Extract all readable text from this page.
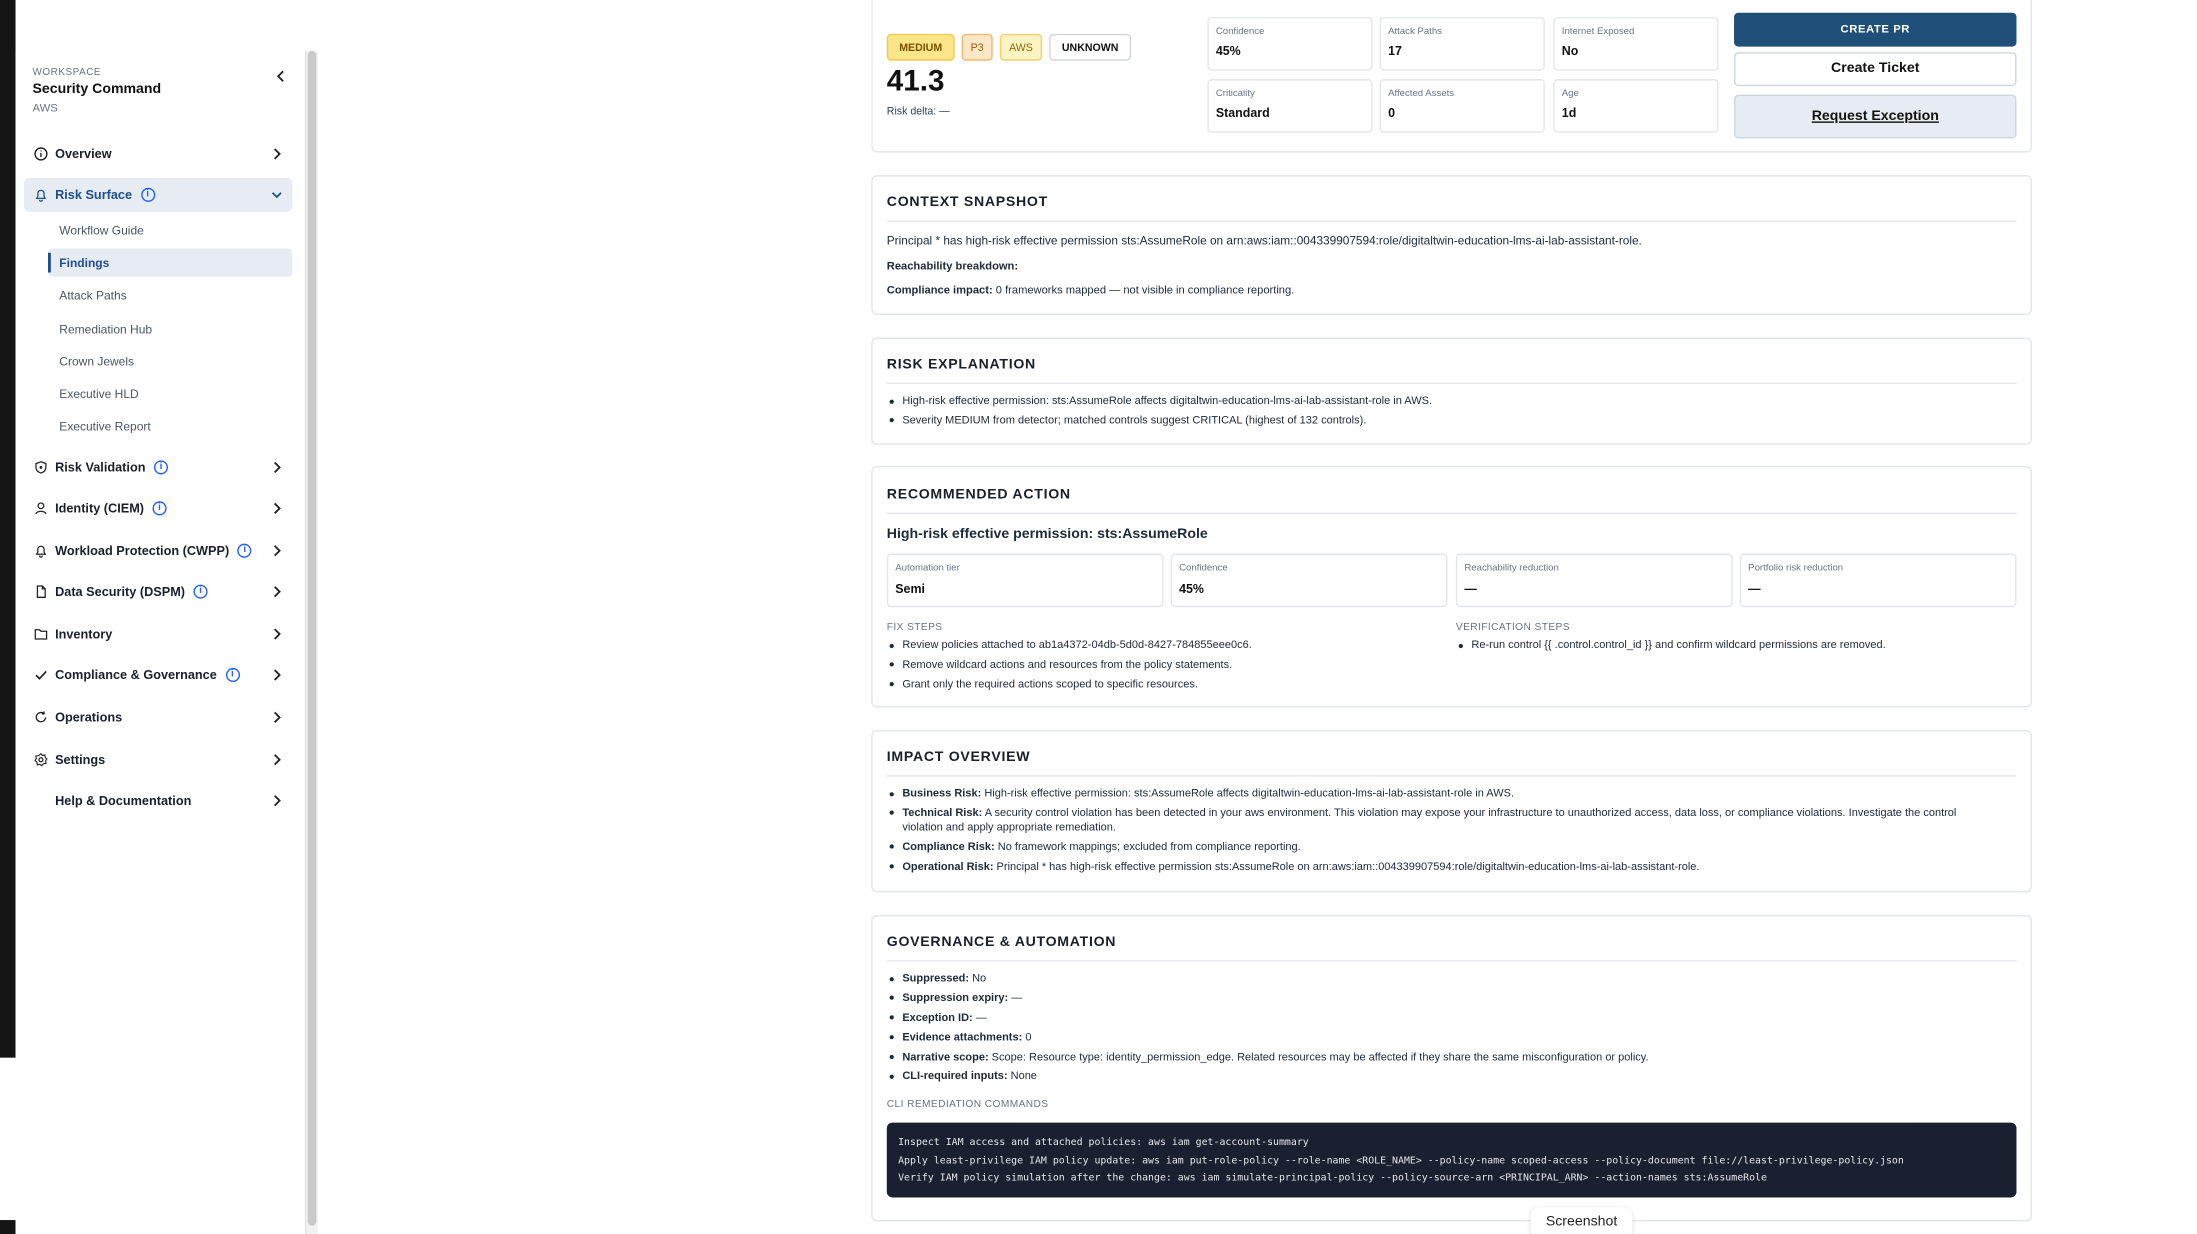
WORKSPACE
Security Command
AWS
Overview
Risk Surface	i
Workflow Guide
Findings
Attack Paths
Remediation Hub
Crown Jewels
Executive HLD
Executive Report
Risk Validation	i
Identity (CIEM)	i
Workload Protection (CWPP)	i
Data Security (DSPM)	i
Inventory
Compliance & Governance	i
Operations
Settings
Help & Documentation
MEDIUM	P3	AWS	UNKNOWN
41.3
Risk delta: —
Confidence
45%
Attack Paths
17
Internet Exposed
No
Criticality
Standard
Affected Assets
0
Age
1d
CREATE PR
Create Ticket
Request Exception
CONTEXT SNAPSHOT
Principal * has high-risk effective permission sts:AssumeRole on arn:aws:iam::004339907594:role/digitaltwin-education-lms-ai-lab-assistant-role.
Reachability breakdown:
Compliance impact: 0 frameworks mapped — not visible in compliance reporting.
RISK EXPLANATION
High-risk effective permission: sts:AssumeRole affects digitaltwin-education-lms-ai-lab-assistant-role in AWS.
Severity MEDIUM from detector; matched controls suggest CRITICAL (highest of 132 controls).
RECOMMENDED ACTION
High-risk effective permission: sts:AssumeRole
Automation tier
Semi
Confidence
45%
Reachability reduction
—
Portfolio risk reduction
—
FIX STEPS
Review policies attached to ab1a4372-04db-5d0d-8427-784855eee0c6.
Remove wildcard actions and resources from the policy statements.
Grant only the required actions scoped to specific resources.
VERIFICATION STEPS
Re-run control {{ .control.control_id }} and confirm wildcard permissions are removed.
IMPACT OVERVIEW
Business Risk: High-risk effective permission: sts:AssumeRole affects digitaltwin-education-lms-ai-lab-assistant-role in AWS.
Technical Risk: A security control violation has been detected in your aws environment. This violation may expose your infrastructure to unauthorized access, data loss, or compliance violations. Investigate the control violation and apply appropriate remediation.
Compliance Risk: No framework mappings; excluded from compliance reporting.
Operational Risk: Principal * has high-risk effective permission sts:AssumeRole on arn:aws:iam::004339907594:role/digitaltwin-education-lms-ai-lab-assistant-role.
GOVERNANCE & AUTOMATION
Suppressed: No
Suppression expiry: —
Exception ID: —
Evidence attachments: 0
Narrative scope: Scope: Resource type: identity_permission_edge. Related resources may be affected if they share the same misconfiguration or policy.
CLI-required inputs: None
CLI REMEDIATION COMMANDS
Inspect IAM access and attached policies: aws iam get-account-summary
Apply least-privilege IAM policy update: aws iam put-role-policy --role-name <ROLE_NAME> --policy-name scoped-access --policy-document file://least-privilege-policy.json
Verify IAM policy simulation after the change: aws iam simulate-principal-policy --policy-source-arn <PRINCIPAL_ARN> --action-names sts:AssumeRole
Screenshot
